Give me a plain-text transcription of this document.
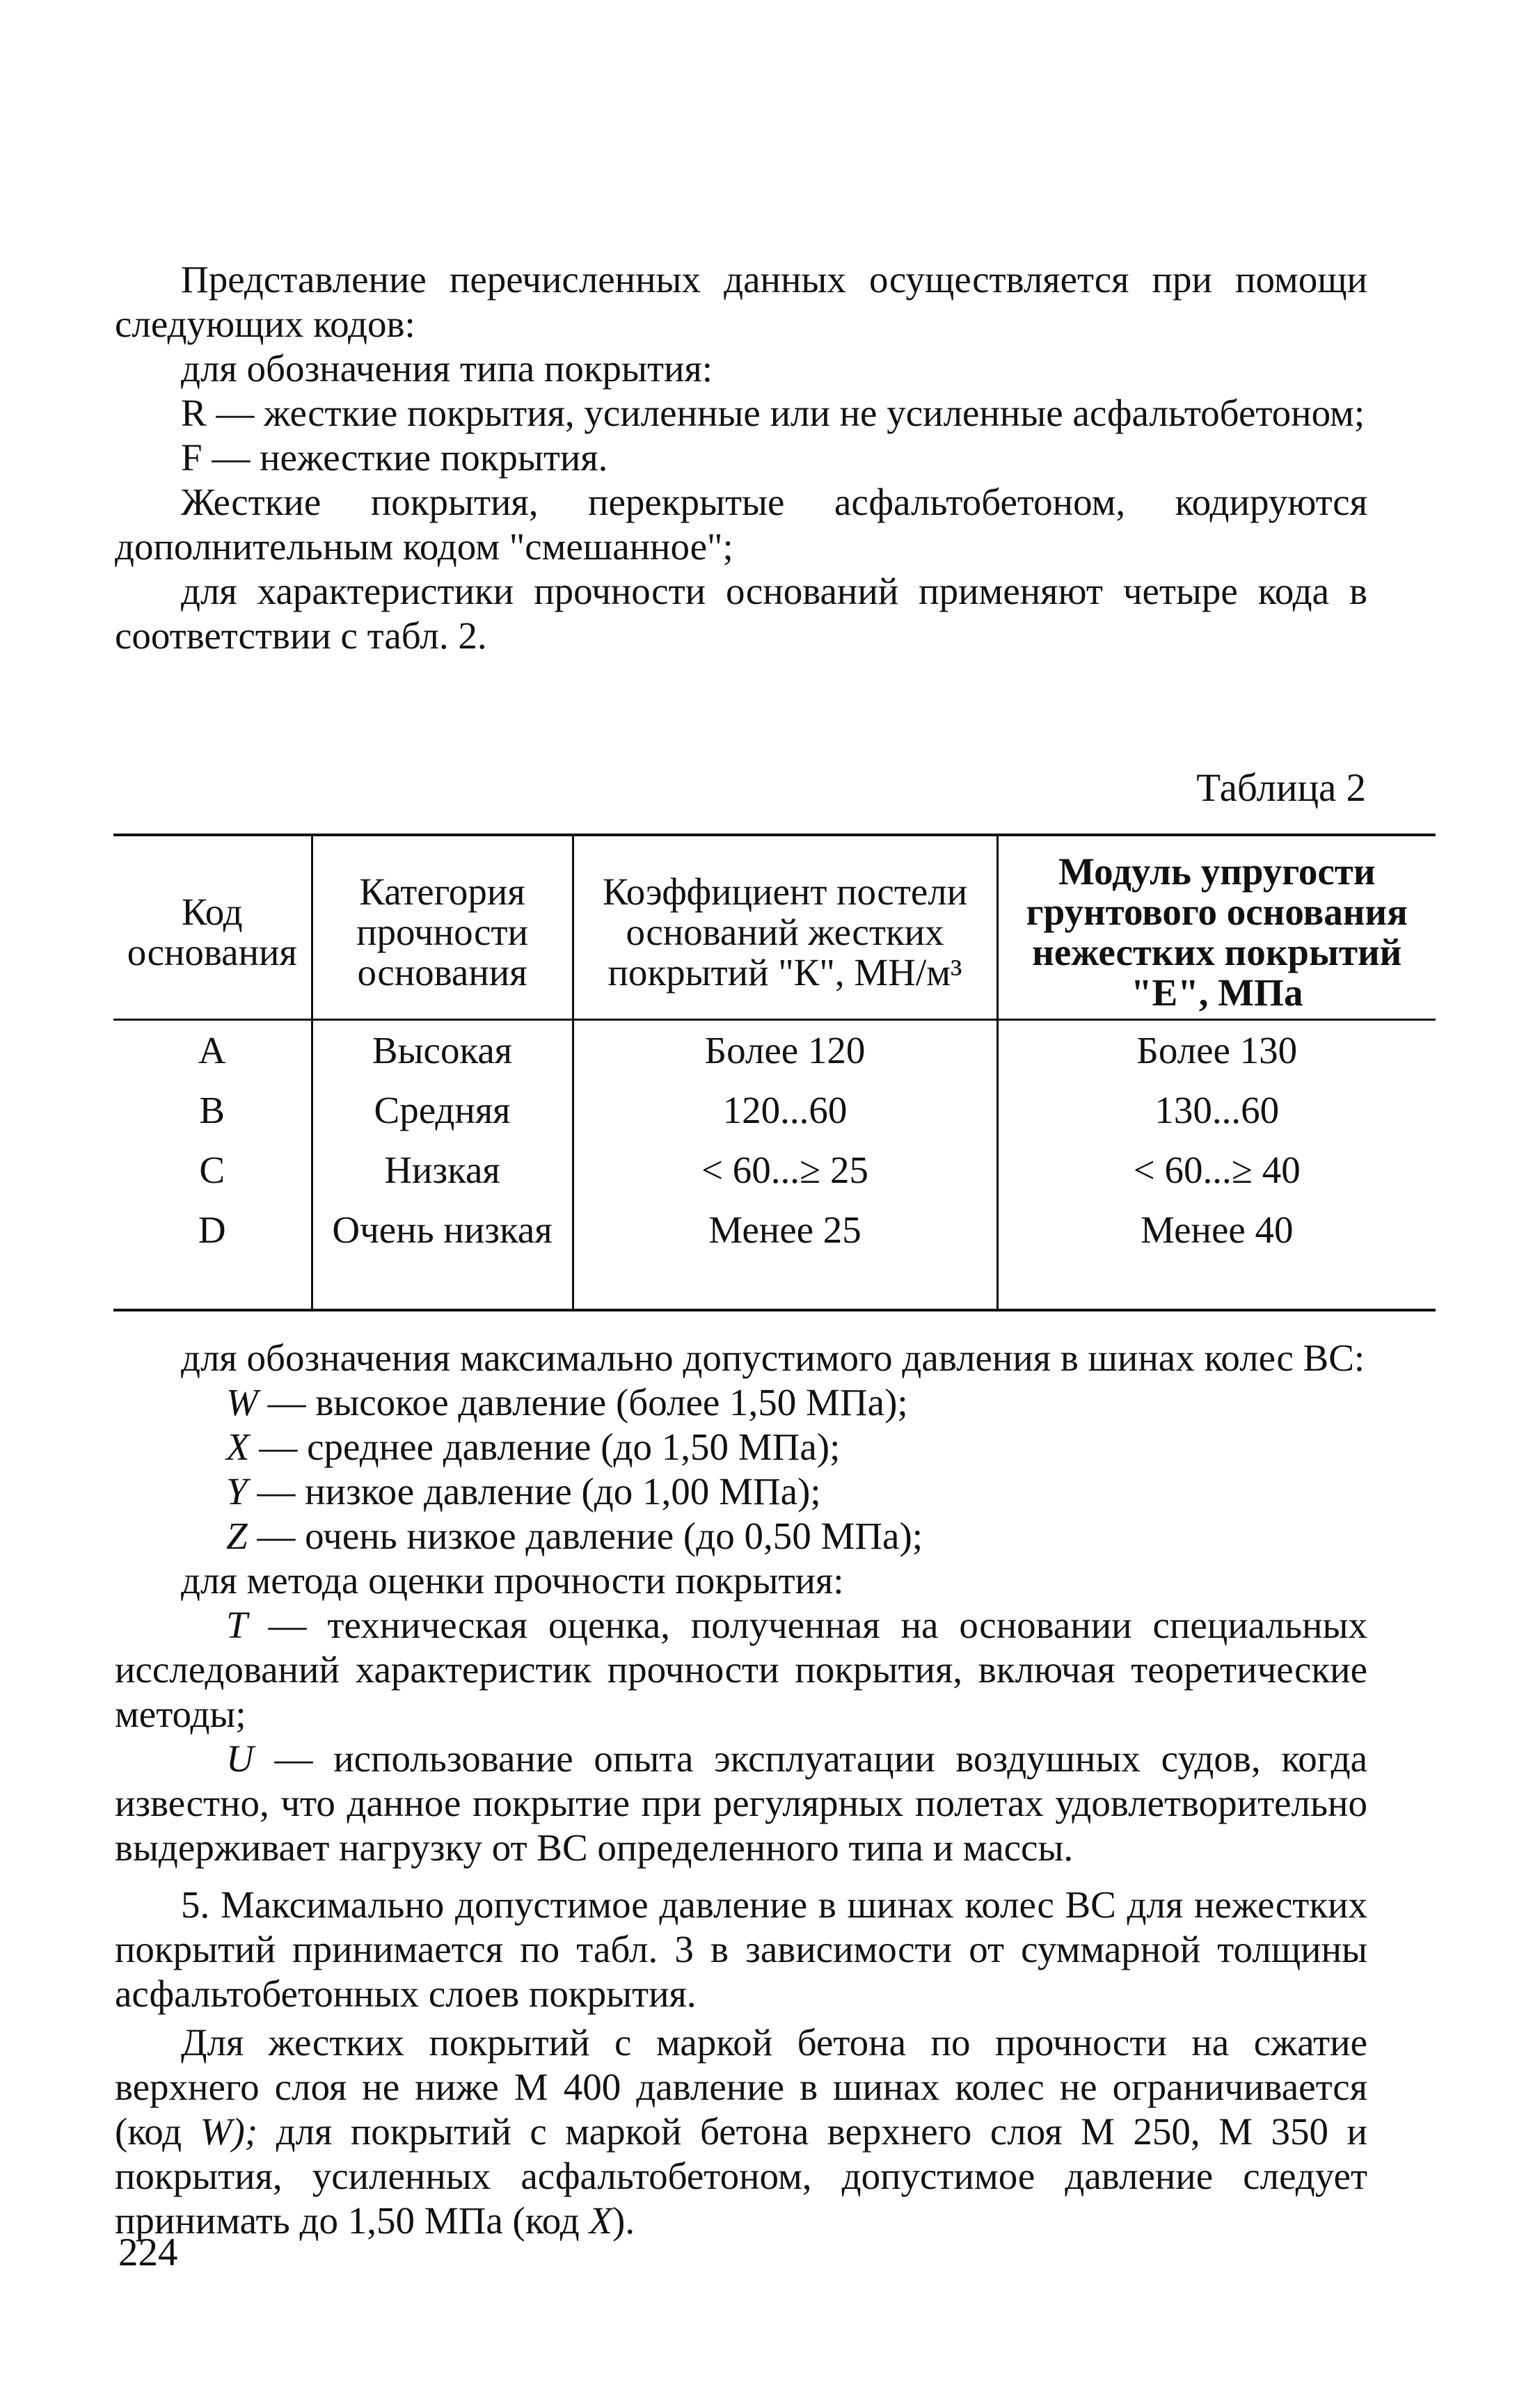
Представление перечисленных данных осуществляется при помощи следующих кодов:

для обозначения типа покрытия:

R — жесткие покрытия, усиленные или не усиленные асфальтобетоном;

F — нежесткие покрытия.

Жесткие покрытия, перекрытые асфальтобетоном, кодируются дополнительным кодом "смешанное";

для характеристики прочности оснований применяют четыре кода в соответствии с табл. 2.

Таблица 2

Код основания	Категория прочности основания	Коэффициент постели оснований жестких покрытий "К", МН/м³	Модуль упругости грунтового основания нежестких покрытий "Е", МПа
A	Высокая	Более 120	Более 130
B	Средняя	120...60	130...60
C	Низкая	< 60...≥ 25	< 60...≥ 40
D	Очень низкая	Менее 25	Менее 40

для обозначения максимально допустимого давления в шинах колес ВС:

W — высокое давление (более 1,50 МПа);

X — среднее давление (до 1,50 МПа);

Y — низкое давление (до 1,00 МПа);

Z — очень низкое давление (до 0,50 МПа);

для метода оценки прочности покрытия:

T — техническая оценка, полученная на основании специальных исследований характеристик прочности покрытия, включая теоретические методы;

U — использование опыта эксплуатации воздушных судов, когда известно, что данное покрытие при регулярных полетах удовлетворительно выдерживает нагрузку от ВС определенного типа и массы.

5. Максимально допустимое давление в шинах колес ВС для нежестких покрытий принимается по табл. 3 в зависимости от суммарной толщины асфальтобетонных слоев покрытия.

Для жестких покрытий с маркой бетона по прочности на сжатие верхнего слоя не ниже М 400 давление в шинах колес не ограничивается (код W); для покрытий с маркой бетона верхнего слоя М 250, М 350 и покрытия, усиленных асфальтобетоном, допустимое давление следует принимать до 1,50 МПа (код X).

224
